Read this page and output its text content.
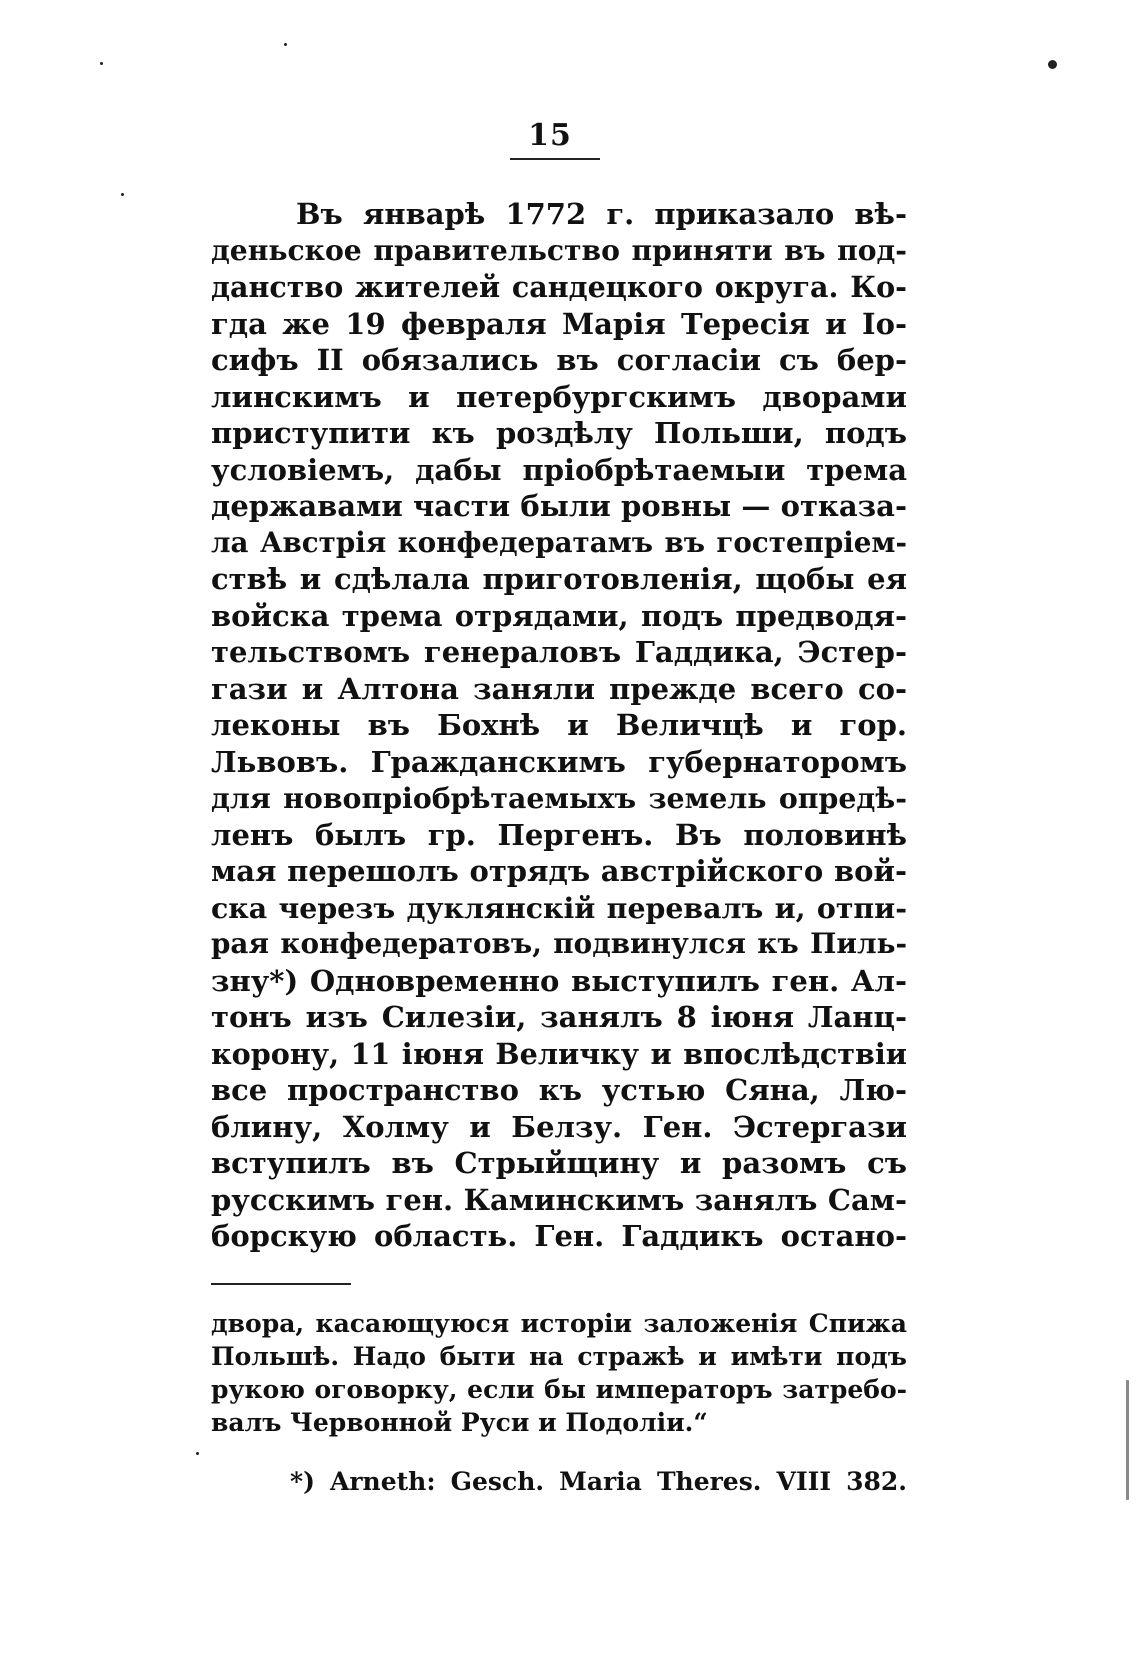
15
Въ январѣ 1772 г. приказало вѣ-
деньское правительство приняти въ под-
данство жителей сандецкого округа. Ко-
гда же 19 февраля Марія Тересія и Іо-
сифъ II обязались въ согласіи съ бер-
линскимъ и петербургскимъ дворами
приступити къ роздѣлу Польши, подъ
условіемъ, дабы пріобрѣтаемыи трема
державами части были ровны — отказа-
ла Австрія конфедератамъ въ гостепріем-
ствѣ и сдѣлала приготовленія, щобы ея
войска трема отрядами, подъ предводя-
тельствомъ генераловъ Гаддика, Эстер-
гази и Алтона заняли прежде всего со-
леконы въ Бохнѣ и Величцѣ и гор.
Львовъ. Гражданскимъ губернаторомъ
для новопріобрѣтаемыхъ земель опредѣ-
ленъ былъ гр. Пергенъ. Въ половинѣ
мая перешолъ отрядъ австрійского вой-
ска черезъ дуклянскій перевалъ и, отпи-
рая конфедератовъ, подвинулся къ Пиль-
зну*) Одновременно выступилъ ген. Ал-
тонъ изъ Силезіи, занялъ 8 іюня Ланц-
корону, 11 іюня Величку и впослѣдствіи
все пространство къ устью Сяна, Лю-
блину, Холму и Белзу. Ген. Эстергази
вступилъ въ Стрыйщину и разомъ съ
русскимъ ген. Каминскимъ занялъ Сам-
борскую область. Ген. Гаддикъ остано-
двора, касающуюся исторіи заложенія Спижа
Польшѣ. Надо быти на стражѣ и имѣти подъ
рукою оговорку, если бы императоръ затребо-
валъ Червонной Руси и Подоліи.“
*) Arneth: Gesch. Maria Theres. VIII 382.
